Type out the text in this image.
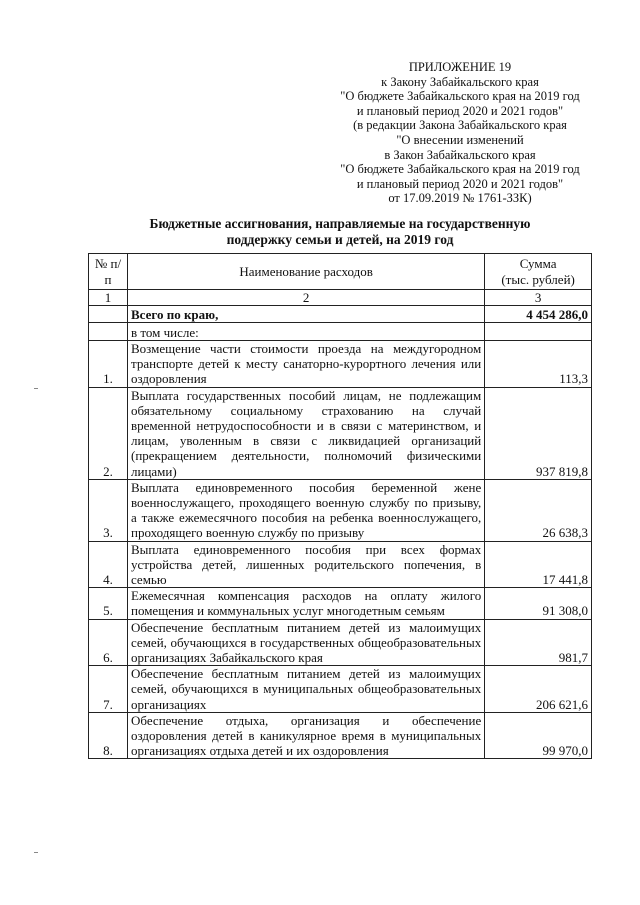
ПРИЛОЖЕНИЕ 19
к Закону Забайкальского края
"О бюджете Забайкальского края на 2019 год
и плановый период 2020 и 2021 годов"
(в редакции Закона Забайкальского края
"О внесении изменений
в Закон Забайкальского края
"О бюджете Забайкальского края на 2019 год
и плановый период 2020 и 2021 годов"
от 17.09.2019 № 1761-ЗЗК)
Бюджетные ассигнования, направляемые на государственную
поддержку семьи и детей, на 2019 год
№ п/п	Наименование расходов	Сумма
(тыс. рублей)

1	2	3
	Всего по краю,	4 454 286,0
	в том числе:	
1.	Возмещение части стоимости проезда на междугородном транспорте детей к месту санаторно-курортного лечения или оздоровления	113,3
2.	Выплата государственных пособий лицам, не подлежащим обязательному социальному страхованию на случай временной нетрудоспособности и в связи с материнством, и лицам, уволенным в связи с ликвидацией организаций (прекращением деятельности, полномочий физическими лицами)	937 819,8
3.	Выплата единовременного пособия беременной жене военнослужащего, проходящего военную службу по призыву, а также ежемесячного пособия на ребенка военнослужащего, проходящего военную службу по призыву	26 638,3
4.	Выплата единовременного пособия при всех формах устройства детей, лишенных родительского попечения, в семью	17 441,8
5.	Ежемесячная компенсация расходов на оплату жилого помещения и коммунальных услуг многодетным семьям	91 308,0
6.	Обеспечение бесплатным питанием детей из малоимущих семей, обучающихся в государственных общеобразовательных организациях Забайкальского края	981,7
7.	Обеспечение бесплатным питанием детей из малоимущих семей, обучающихся в муниципальных общеобразовательных организациях	206 621,6
8.	Обеспечение отдыха, организация и обеспечение оздоровления детей в каникулярное время в муниципальных организациях отдыха детей и их оздоровления	99 970,0
